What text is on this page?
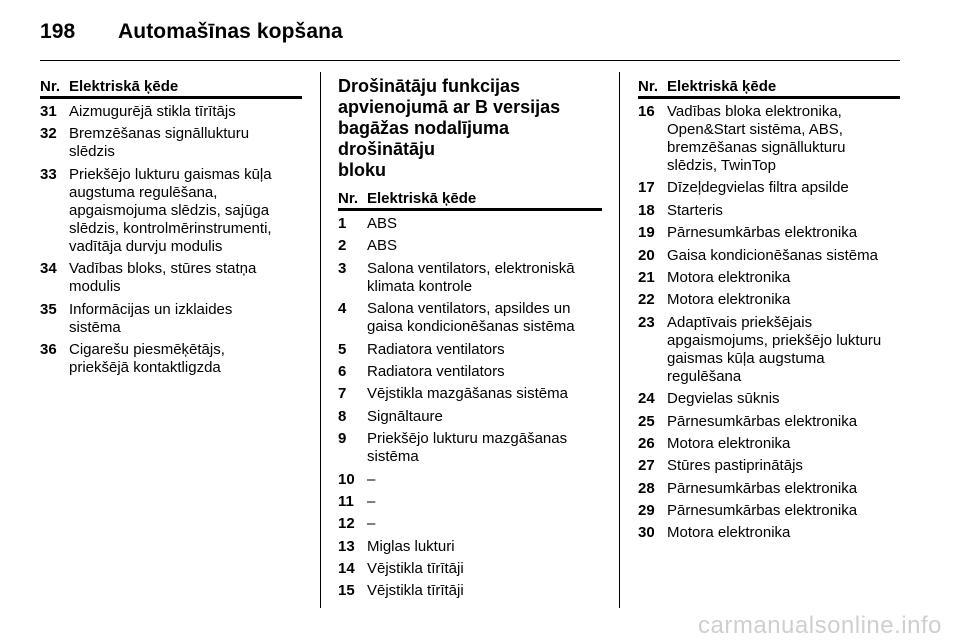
198 Automašīnas kopšana
Nr. Elektriskā ķēde
31 Aizmugurējā stikla tīrītājs
32 Bremzēšanas signāllukturu
slēdzis
33 Priekšējo lukturu gaismas kūļa
augstuma regulēšana,
apgaismojuma slēdzis, sajūga
slēdzis, kontrolmērinstrumenti,
vadītāja durvju modulis
34 Vadības bloks, stūres statņa
modulis
35 Informācijas un izklaides
sistēma
36 Cigarešu piesmēķētājs,
priekšējā kontaktligzda
Drošinātāju funkcijas
apvienojumā ar B versijas
bagāžas nodalījuma drošinātāju
bloku
Nr. Elektriskā ķēde
1	ABS
2	ABS
3	Salona ventilators, elektroniskā
klimata kontrole
4	Salona ventilators, apsildes un
gaisa kondicionēšanas sistēma
5	Radiatora ventilators
6	Radiatora ventilators
7	Vējstikla mazgāšanas sistēma
8	Signāltaure
9	Priekšējo lukturu mazgāšanas
sistēma
10 –
11 –
12 –
13 Miglas lukturi
14 Vējstikla tīrītāji
15 Vējstikla tīrītāji
Nr. Elektriskā ķēde
16 Vadības bloka elektronika,
Open&Start sistēma, ABS,
bremzēšanas signāllukturu
slēdzis, TwinTop
17 Dīzeļdegvielas filtra apsilde
18 Starteris
19 Pārnesumkārbas elektronika
20 Gaisa kondicionēšanas sistēma
21 Motora elektronika
22 Motora elektronika
23 Adaptīvais priekšējais
apgaismojums, priekšējo lukturu
gaismas kūļa augstuma
regulēšana
24 Degvielas sūknis
25 Pārnesumkārbas elektronika
26 Motora elektronika
27 Stūres pastiprinātājs
28 Pārnesumkārbas elektronika
29 Pārnesumkārbas elektronika
30 Motora elektronika
carmanualsonline.info
